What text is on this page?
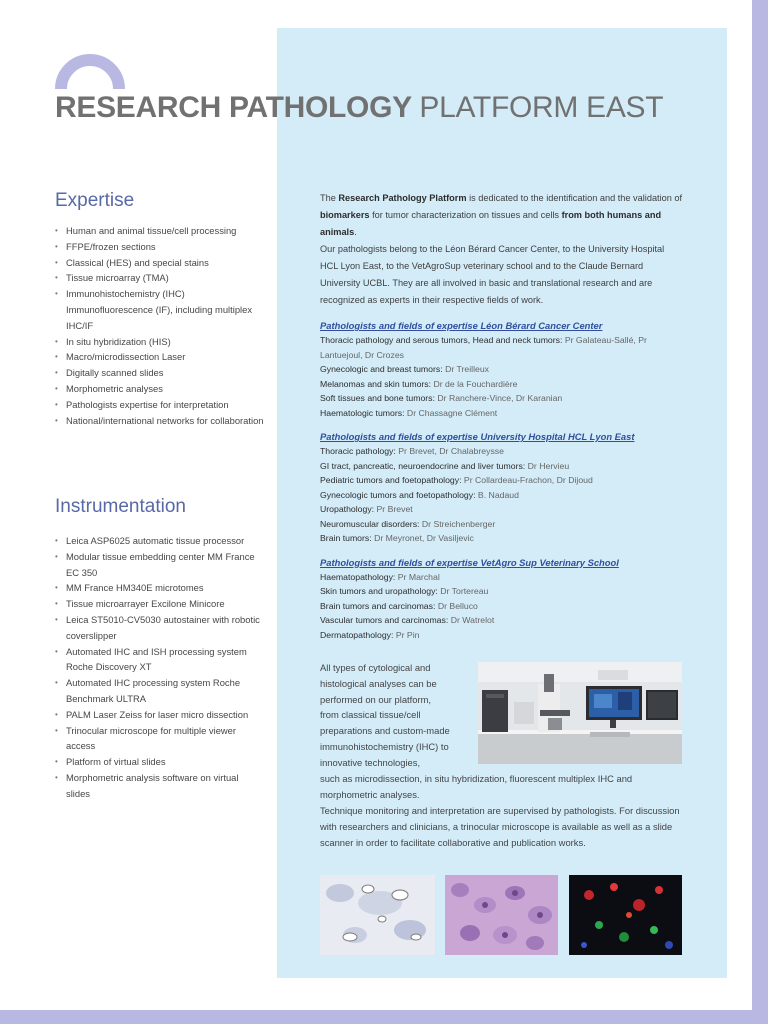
RESEARCH PATHOLOGY PLATFORM EAST
Expertise
• Human and animal tissue/cell processing
• FFPE/frozen sections
• Classical (HES) and special stains
• Tissue microarray (TMA)
• Immunohistochemistry (IHC) Immunofluorescence (IF), including multiplex IHC/IF
• In situ hybridization (HIS)
• Macro/microdissection Laser
• Digitally scanned slides
• Morphometric analyses
• Pathologists expertise for interpretation
• National/international networks for collaboration
Instrumentation
• Leica ASP6025 automatic tissue processor
• Modular tissue embedding center MM France EC 350
• MM France HM340E microtomes
• Tissue microarrayer Excilone Minicore
• Leica ST5010-CV5030 autostainer with robotic coverslipper
• Automated IHC and ISH processing system Roche Discovery XT
• Automated IHC processing system Roche Benchmark ULTRA
• PALM Laser Zeiss for laser micro dissection
• Trinocular microscope for multiple viewer access
• Platform of virtual slides
• Morphometric analysis software on virtual slides

The Research Pathology Platform is dedicated to the identification and the validation of biomarkers for tumor characterization on tissues and cells from both humans and animals.

Our pathologists belong to the Léon Bérard Cancer Center, to the University Hospital HCL Lyon East, to the VetAgroSup veterinary school and to the Claude Bernard University UCBL. They are all involved in basic and translational research and are recognized as experts in their respective fields of work.

Pathologists and fields of expertise Léon Bérard Cancer Center
Thoracic pathology and serous tumors, Head and neck tumors: Pr Galateau-Sallé, Pr Lantuejoul, Dr Crozes
Gynecologic and breast tumors: Dr Treilleux
Melanomas and skin tumors: Dr de la Fouchardière
Soft tissues and bone tumors: Dr Ranchere-Vince, Dr Karanian
Haematologic tumors: Dr Chassagne Clément
Pathologists and fields of expertise University Hospital HCL Lyon East
Thoracic pathology: Pr Brevet, Dr Chalabreysse
GI tract, pancreatic, neuroendocrine and liver tumors: Dr Hervieu
Pediatric tumors and foetopathology: Pr Collardeau-Frachon, Dr Dijoud
Gynecologic tumors and foetopathology: B. Nadaud
Uropathology: Pr Brevet
Neuromuscular disorders: Dr Streichenberger
Brain tumors: Dr Meyronet, Dr Vasiljevic
Pathologists and fields of expertise VetAgro Sup Veterinary School
Haematopathology: Pr Marchal
Skin tumors and uropathology: Dr Tortereau
Brain tumors and carcinomas: Dr Belluco
Vascular tumors and carcinomas: Dr Watrelot
Dermatopathology: Pr Pin

All types of cytological and histological analyses can be performed on our platform, from classical tissue/cell preparations and custom-made immunohistochemistry (IHC) to innovative technologies,

such as microdissection, in situ hybridization, fluorescent multiplex IHC and morphometric analyses.

Technique monitoring and interpretation are supervised by pathologists. For discussion with researchers and clinicians, a trinocular microscope is available as well as a slide scanner in order to facilitate collaborative and publication works.
